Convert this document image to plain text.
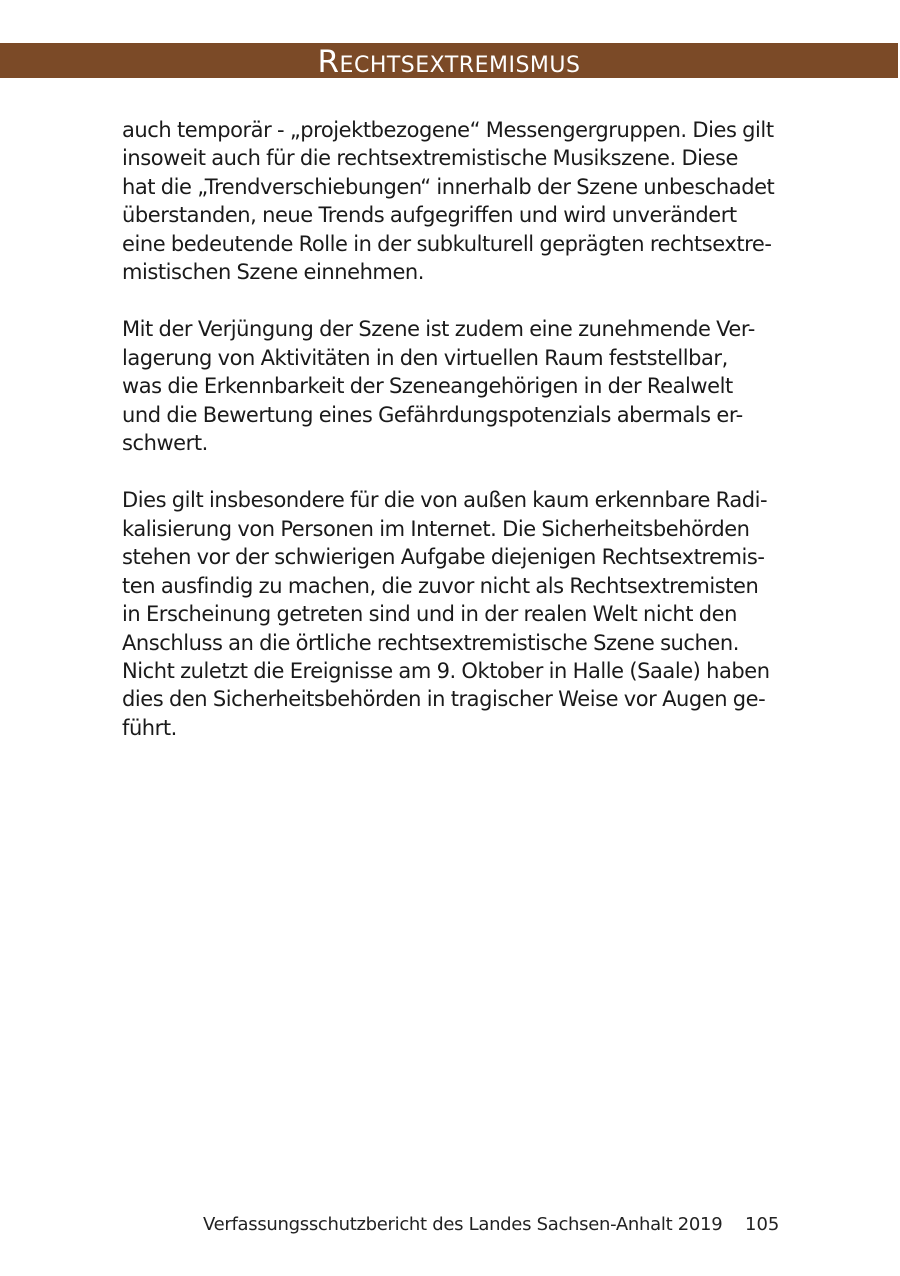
Rechtsextremismus

auch temporär - „projektbezogene“ Messengergruppen. Dies gilt
insoweit auch für die rechtsextremistische Musikszene. Diese
hat die „Trendverschiebungen“ innerhalb der Szene unbeschadet
überstanden, neue Trends aufgegriffen und wird unverändert
eine bedeutende Rolle in der subkulturell geprägten rechtsextre-
mistischen Szene einnehmen.

Mit der Verjüngung der Szene ist zudem eine zunehmende Ver-
lagerung von Aktivitäten in den virtuellen Raum feststellbar,
was die Erkennbarkeit der Szeneangehörigen in der Realwelt
und die Bewertung eines Gefährdungspotenzials abermals er-
schwert.

Dies gilt insbesondere für die von außen kaum erkennbare Radi-
kalisierung von Personen im Internet. Die Sicherheitsbehörden
stehen vor der schwierigen Aufgabe diejenigen Rechtsextremis-
ten ausfindig zu machen, die zuvor nicht als Rechtsextremisten
in Erscheinung getreten sind und in der realen Welt nicht den
Anschluss an die örtliche rechtsextremistische Szene suchen.
Nicht zuletzt die Ereignisse am 9. Oktober in Halle (Saale) haben
dies den Sicherheitsbehörden in tragischer Weise vor Augen ge-
führt.

Verfassungsschutzbericht des Landes Sachsen-Anhalt 2019 105
